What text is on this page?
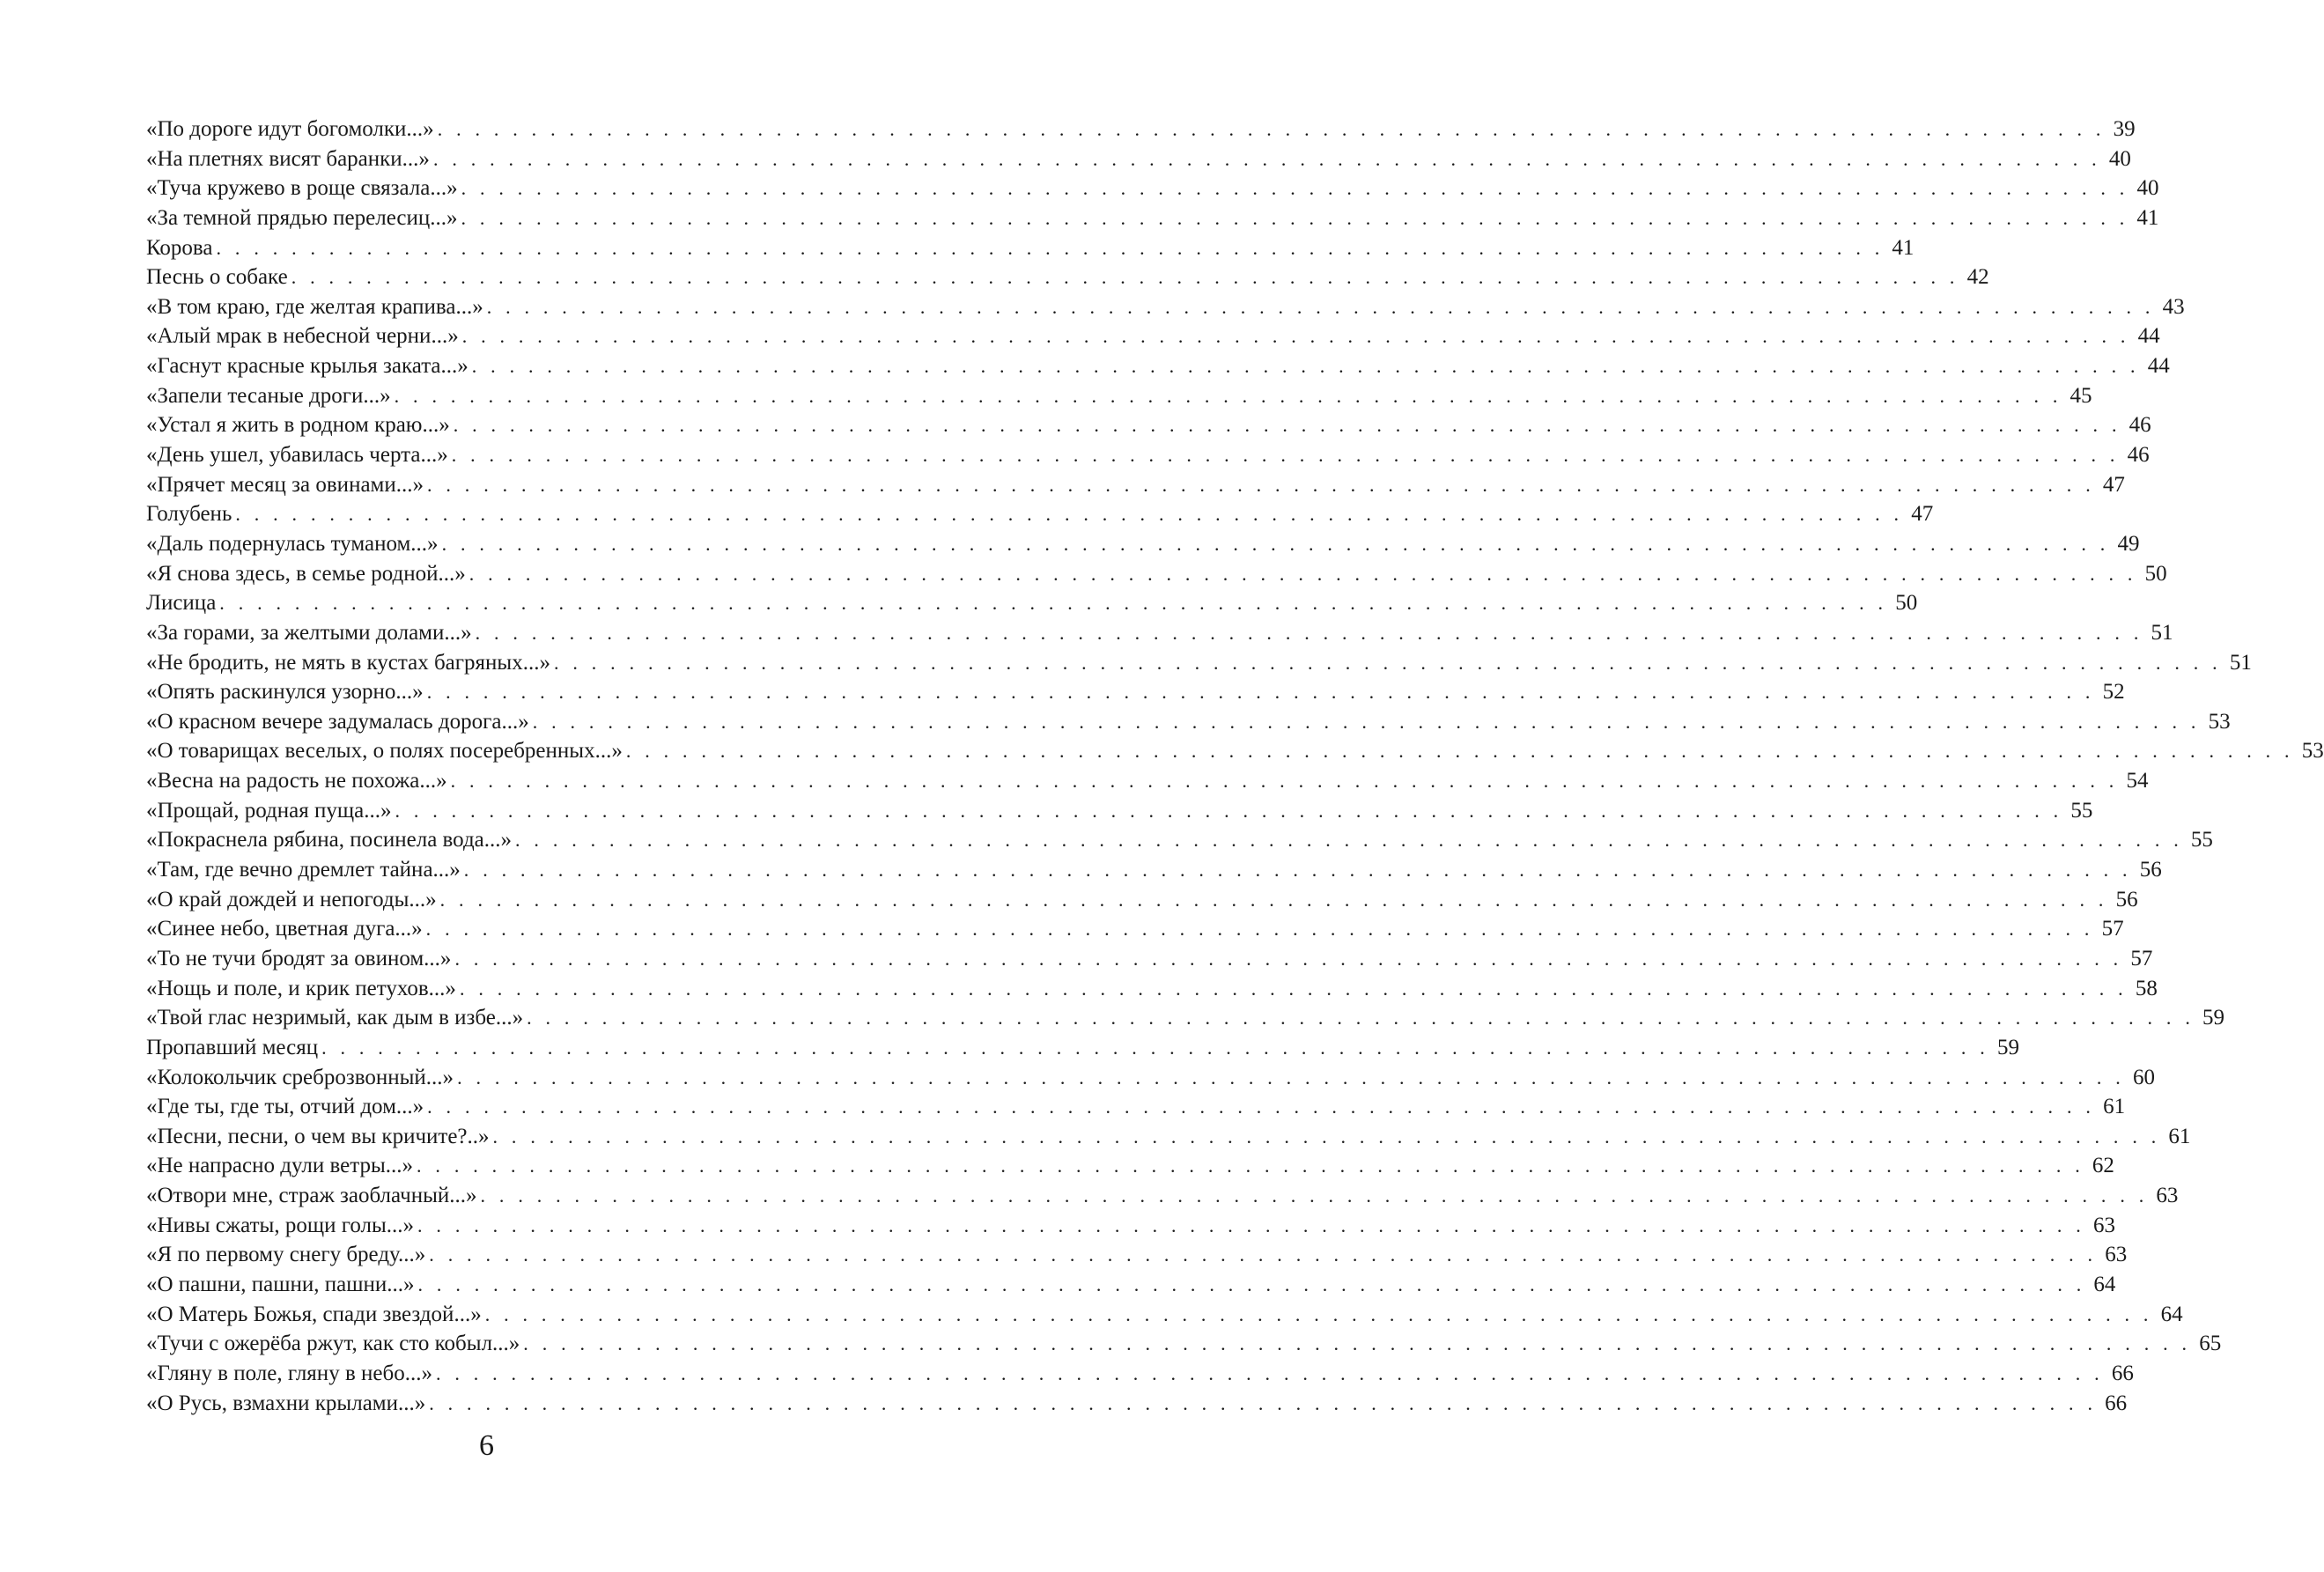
«По дороге идут богомолки...» . . . . . . . . . . . . . . . . . . . . . . . . . . . . . . . . . . . . . . . . . . . . . . . . . . . . . . . . . . . . . . . . . . . . . . . . . . . . . . . . . . . . . . . . . 39
«На плетнях висят баранки...» . . . . . . . . . . . . . . . . . . . . . . . . . . . . . . . . . . . . . . . . . . . . . . . . . . . . . . . . . . . . . . . . . . . . . . . . . . . . . . . . . . . . . . . . . 40
«Туча кружево в роще связала...» . . . . . . . . . . . . . . . . . . . . . . . . . . . . . . . . . . . . . . . . . . . . . . . . . . . . . . . . . . . . . . . . . . . . . . . . . . . . . . . . . . . . . . . . . 40
«За темной прядью перелесиц...» . . . . . . . . . . . . . . . . . . . . . . . . . . . . . . . . . . . . . . . . . . . . . . . . . . . . . . . . . . . . . . . . . . . . . . . . . . . . . . . . . . . . . . . . . 41
Корова . . . . . . . . . . . . . . . . . . . . . . . . . . . . . . . . . . . . . . . . . . . . . . . . . . . . . . . . . . . . . . . . . . . . . . . . . . . . . . . . . . . . . . . . . 41
Песнь о собаке . . . . . . . . . . . . . . . . . . . . . . . . . . . . . . . . . . . . . . . . . . . . . . . . . . . . . . . . . . . . . . . . . . . . . . . . . . . . . . . . . . . . . . . . . 42
«В том краю, где желтая крапива...» . . . . . . . . . . . . . . . . . . . . . . . . . . . . . . . . . . . . . . . . . . . . . . . . . . . . . . . . . . . . . . . . . . . . . . . . . . . . . . . . . . . . . . . . . 43
«Алый мрак в небесной черни...» . . . . . . . . . . . . . . . . . . . . . . . . . . . . . . . . . . . . . . . . . . . . . . . . . . . . . . . . . . . . . . . . . . . . . . . . . . . . . . . . . . . . . . . . . 44
«Гаснут красные крылья заката...» . . . . . . . . . . . . . . . . . . . . . . . . . . . . . . . . . . . . . . . . . . . . . . . . . . . . . . . . . . . . . . . . . . . . . . . . . . . . . . . . . . . . . . . . . 44
«Запели тесаные дроги...» . . . . . . . . . . . . . . . . . . . . . . . . . . . . . . . . . . . . . . . . . . . . . . . . . . . . . . . . . . . . . . . . . . . . . . . . . . . . . . . . . . . . . . . . . 45
«Устал я жить в родном краю...» . . . . . . . . . . . . . . . . . . . . . . . . . . . . . . . . . . . . . . . . . . . . . . . . . . . . . . . . . . . . . . . . . . . . . . . . . . . . . . . . . . . . . . . . . 46
«День ушел, убавилась черта...» . . . . . . . . . . . . . . . . . . . . . . . . . . . . . . . . . . . . . . . . . . . . . . . . . . . . . . . . . . . . . . . . . . . . . . . . . . . . . . . . . . . . . . . . . 46
«Прячет месяц за овинами...» . . . . . . . . . . . . . . . . . . . . . . . . . . . . . . . . . . . . . . . . . . . . . . . . . . . . . . . . . . . . . . . . . . . . . . . . . . . . . . . . . . . . . . . . . 47
Голубень . . . . . . . . . . . . . . . . . . . . . . . . . . . . . . . . . . . . . . . . . . . . . . . . . . . . . . . . . . . . . . . . . . . . . . . . . . . . . . . . . . . . . . . . . 47
«Даль подернулась туманом...» . . . . . . . . . . . . . . . . . . . . . . . . . . . . . . . . . . . . . . . . . . . . . . . . . . . . . . . . . . . . . . . . . . . . . . . . . . . . . . . . . . . . . . . . . 49
«Я снова здесь, в семье родной...» . . . . . . . . . . . . . . . . . . . . . . . . . . . . . . . . . . . . . . . . . . . . . . . . . . . . . . . . . . . . . . . . . . . . . . . . . . . . . . . . . . . . . . . . . 50
Лисица . . . . . . . . . . . . . . . . . . . . . . . . . . . . . . . . . . . . . . . . . . . . . . . . . . . . . . . . . . . . . . . . . . . . . . . . . . . . . . . . . . . . . . . . . 50
«За горами, за желтыми долами...» . . . . . . . . . . . . . . . . . . . . . . . . . . . . . . . . . . . . . . . . . . . . . . . . . . . . . . . . . . . . . . . . . . . . . . . . . . . . . . . . . . . . . . . . . 51
«Не бродить, не мять в кустах багряных...» . . . . . . . . . . . . . . . . . . . . . . . . . . . . . . . . . . . . . . . . . . . . . . . . . . . . . . . . . . . . . . . . . . . . . . . . . . . . . . . . . . . . . . . . . 51
«Опять раскинулся узорно...» . . . . . . . . . . . . . . . . . . . . . . . . . . . . . . . . . . . . . . . . . . . . . . . . . . . . . . . . . . . . . . . . . . . . . . . . . . . . . . . . . . . . . . . . . 52
«О красном вечере задумалась дорога...» . . . . . . . . . . . . . . . . . . . . . . . . . . . . . . . . . . . . . . . . . . . . . . . . . . . . . . . . . . . . . . . . . . . . . . . . . . . . . . . . . . . . . . . . . 53
«О товарищах веселых, о полях посеребренных...» . . . . . . . . . . . . . . . . . . . . . . . . . . . . . . . . . . . . . . . . . . . . . . . . . . . . . . . . . . . . . . . . . . . . . . . . . . . . . . . . . . . . . . . . . 53
«Весна на радость не похожа...» . . . . . . . . . . . . . . . . . . . . . . . . . . . . . . . . . . . . . . . . . . . . . . . . . . . . . . . . . . . . . . . . . . . . . . . . . . . . . . . . . . . . . . . . . 54
«Прощай, родная пуща...» . . . . . . . . . . . . . . . . . . . . . . . . . . . . . . . . . . . . . . . . . . . . . . . . . . . . . . . . . . . . . . . . . . . . . . . . . . . . . . . . . . . . . . . . . 55
«Покраснела рябина, посинела вода...» . . . . . . . . . . . . . . . . . . . . . . . . . . . . . . . . . . . . . . . . . . . . . . . . . . . . . . . . . . . . . . . . . . . . . . . . . . . . . . . . . . . . . . . . . 55
«Там, где вечно дремлет тайна...» . . . . . . . . . . . . . . . . . . . . . . . . . . . . . . . . . . . . . . . . . . . . . . . . . . . . . . . . . . . . . . . . . . . . . . . . . . . . . . . . . . . . . . . . . 56
«О край дождей и непогоды...» . . . . . . . . . . . . . . . . . . . . . . . . . . . . . . . . . . . . . . . . . . . . . . . . . . . . . . . . . . . . . . . . . . . . . . . . . . . . . . . . . . . . . . . . . 56
«Синее небо, цветная дуга...» . . . . . . . . . . . . . . . . . . . . . . . . . . . . . . . . . . . . . . . . . . . . . . . . . . . . . . . . . . . . . . . . . . . . . . . . . . . . . . . . . . . . . . . . . 57
«То не тучи бродят за овином...» . . . . . . . . . . . . . . . . . . . . . . . . . . . . . . . . . . . . . . . . . . . . . . . . . . . . . . . . . . . . . . . . . . . . . . . . . . . . . . . . . . . . . . . . . 57
«Нощь и поле, и крик петухов...» . . . . . . . . . . . . . . . . . . . . . . . . . . . . . . . . . . . . . . . . . . . . . . . . . . . . . . . . . . . . . . . . . . . . . . . . . . . . . . . . . . . . . . . . . 58
«Твой глас незримый, как дым в избе...» . . . . . . . . . . . . . . . . . . . . . . . . . . . . . . . . . . . . . . . . . . . . . . . . . . . . . . . . . . . . . . . . . . . . . . . . . . . . . . . . . . . . . . . . . 59
Пропавший месяц . . . . . . . . . . . . . . . . . . . . . . . . . . . . . . . . . . . . . . . . . . . . . . . . . . . . . . . . . . . . . . . . . . . . . . . . . . . . . . . . . . . . . . . . . 59
«Колокольчик среброзвонный...» . . . . . . . . . . . . . . . . . . . . . . . . . . . . . . . . . . . . . . . . . . . . . . . . . . . . . . . . . . . . . . . . . . . . . . . . . . . . . . . . . . . . . . . . . 60
«Где ты, где ты, отчий дом...» . . . . . . . . . . . . . . . . . . . . . . . . . . . . . . . . . . . . . . . . . . . . . . . . . . . . . . . . . . . . . . . . . . . . . . . . . . . . . . . . . . . . . . . . . 61
«Песни, песни, о чем вы кричите?..» . . . . . . . . . . . . . . . . . . . . . . . . . . . . . . . . . . . . . . . . . . . . . . . . . . . . . . . . . . . . . . . . . . . . . . . . . . . . . . . . . . . . . . . . . 61
«Не напрасно дули ветры...» . . . . . . . . . . . . . . . . . . . . . . . . . . . . . . . . . . . . . . . . . . . . . . . . . . . . . . . . . . . . . . . . . . . . . . . . . . . . . . . . . . . . . . . . . 62
«Отвори мне, страж заоблачный...» . . . . . . . . . . . . . . . . . . . . . . . . . . . . . . . . . . . . . . . . . . . . . . . . . . . . . . . . . . . . . . . . . . . . . . . . . . . . . . . . . . . . . . . . . 63
«Нивы сжаты, рощи голы...» . . . . . . . . . . . . . . . . . . . . . . . . . . . . . . . . . . . . . . . . . . . . . . . . . . . . . . . . . . . . . . . . . . . . . . . . . . . . . . . . . . . . . . . . . 63
«Я по первому снегу бреду...» . . . . . . . . . . . . . . . . . . . . . . . . . . . . . . . . . . . . . . . . . . . . . . . . . . . . . . . . . . . . . . . . . . . . . . . . . . . . . . . . . . . . . . . . . 63
«О пашни, пашни, пашни...» . . . . . . . . . . . . . . . . . . . . . . . . . . . . . . . . . . . . . . . . . . . . . . . . . . . . . . . . . . . . . . . . . . . . . . . . . . . . . . . . . . . . . . . . . 64
«О Матерь Божья, спади звездой...» . . . . . . . . . . . . . . . . . . . . . . . . . . . . . . . . . . . . . . . . . . . . . . . . . . . . . . . . . . . . . . . . . . . . . . . . . . . . . . . . . . . . . . . . . 64
«Тучи с ожерёба ржут, как сто кобыл...» . . . . . . . . . . . . . . . . . . . . . . . . . . . . . . . . . . . . . . . . . . . . . . . . . . . . . . . . . . . . . . . . . . . . . . . . . . . . . . . . . . . . . . . . . 65
«Гляну в поле, гляну в небо...» . . . . . . . . . . . . . . . . . . . . . . . . . . . . . . . . . . . . . . . . . . . . . . . . . . . . . . . . . . . . . . . . . . . . . . . . . . . . . . . . . . . . . . . . . 66
«О Русь, взмахни крылами...» . . . . . . . . . . . . . . . . . . . . . . . . . . . . . . . . . . . . . . . . . . . . . . . . . . . . . . . . . . . . . . . . . . . . . . . . . . . . . . . . . . . . . . . . . 66
6
